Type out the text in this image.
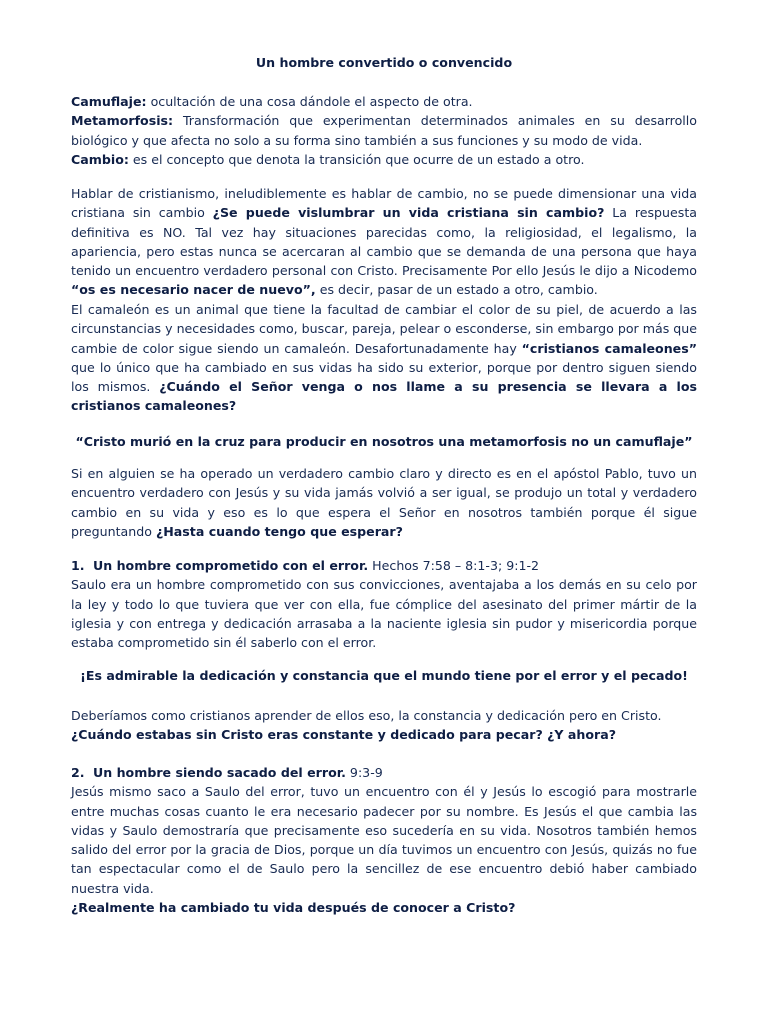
Un hombre convertido o convencido

Camuflaje: ocultación de una cosa dándole el aspecto de otra.
Metamorfosis: Transformación que experimentan determinados animales en su desarrollo biológico y que afecta no solo a su forma sino también a sus funciones y su modo de vida.
Cambio: es el concepto que denota la transición que ocurre de un estado a otro.

Hablar de cristianismo, ineludiblemente es hablar de cambio, no se puede dimensionar una vida cristiana sin cambio ¿Se puede vislumbrar un vida cristiana sin cambio? La respuesta definitiva es NO. Tal vez hay situaciones parecidas como, la religiosidad, el legalismo, la apariencia, pero estas nunca se acercaran al cambio que se demanda de una persona que haya tenido un encuentro verdadero personal con Cristo. Precisamente Por ello Jesús le dijo a Nicodemo “os es necesario nacer de nuevo”, es decir, pasar de un estado a otro, cambio.

El camaleón es un animal que tiene la facultad de cambiar el color de su piel, de acuerdo a las circunstancias y necesidades como, buscar, pareja, pelear o esconderse, sin embargo por más que cambie de color sigue siendo un camaleón. Desafortunadamente hay “cristianos camaleones” que lo único que ha cambiado en sus vidas ha sido su exterior, porque por dentro siguen siendo los mismos. ¿Cuándo el Señor venga o nos llame a su presencia se llevara a los cristianos camaleones?

“Cristo murió en la cruz para producir en nosotros una metamorfosis no un camuflaje”

Si en alguien se ha operado un verdadero cambio claro y directo es en el apóstol Pablo, tuvo un encuentro verdadero con Jesús y su vida jamás volvió a ser igual, se produjo un total y verdadero cambio en su vida y eso es lo que espera el Señor en nosotros también porque él sigue preguntando ¿Hasta cuando tengo que esperar?

1. Un hombre comprometido con el error. Hechos 7:58 – 8:1-3; 9:1-2
Saulo era un hombre comprometido con sus convicciones, aventajaba a los demás en su celo por la ley y todo lo que tuviera que ver con ella, fue cómplice del asesinato del primer mártir de la iglesia y con entrega y dedicación arrasaba a la naciente iglesia sin pudor y misericordia porque estaba comprometido sin él saberlo con el error.

¡Es admirable la dedicación y constancia que el mundo tiene por el error y el pecado!

Deberíamos como cristianos aprender de ellos eso, la constancia y dedicación pero en Cristo.
¿Cuándo estabas sin Cristo eras constante y dedicado para pecar? ¿Y ahora?
2. Un hombre siendo sacado del error. 9:3-9
Jesús mismo saco a Saulo del error, tuvo un encuentro con él y Jesús lo escogió para mostrarle entre muchas cosas cuanto le era necesario padecer por su nombre. Es Jesús el que cambia las vidas y Saulo demostraría que precisamente eso sucedería en su vida. Nosotros también hemos salido del error por la gracia de Dios, porque un día tuvimos un encuentro con Jesús, quizás no fue tan espectacular como el de Saulo pero la sencillez de ese encuentro debió haber cambiado nuestra vida.
¿Realmente ha cambiado tu vida después de conocer a Cristo?
